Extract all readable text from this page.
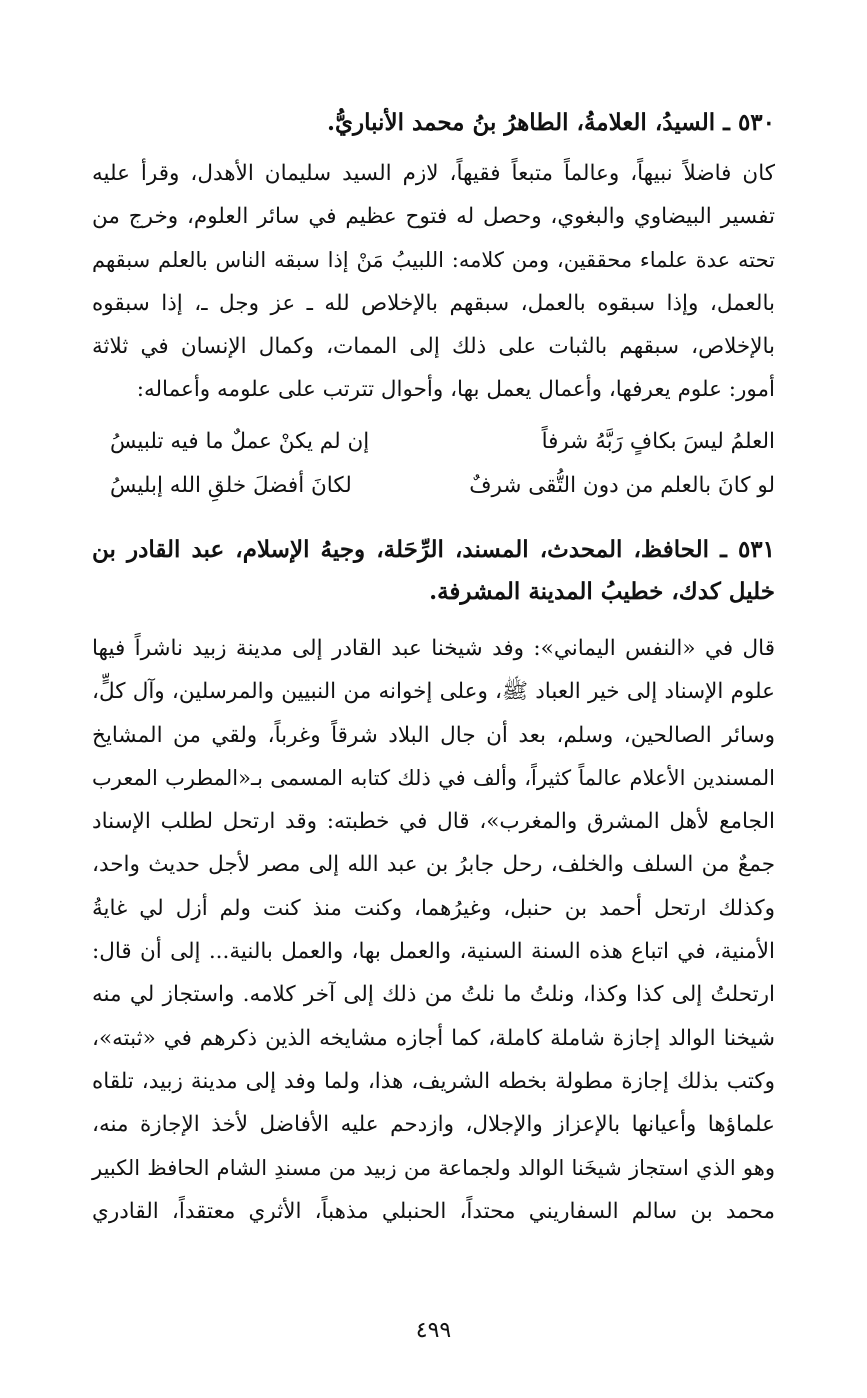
٥٣٠ ـ السيدُ، العلامةُ، الطاهرُ بنُ محمد الأنباريُّ.
كان فاضلاً نبيهاً، وعالماً متبعاً فقيهاً، لازم السيد سليمان الأهدل، وقرأ عليه
تفسير البيضاوي والبغوي، وحصل له فتوح عظيم في سائر العلوم، وخرج من
تحته عدة علماء محققين، ومن كلامه: اللبيبُ مَنْ إذا سبقه الناس بالعلم سبقهم
بالعمل، وإذا سبقوه بالعمل، سبقهم بالإخلاص لله ـ عز وجل ـ، إذا سبقوه
بالإخلاص، سبقهم بالثبات على ذلك إلى الممات، وكمال الإنسان في ثلاثة
أمور: علوم يعرفها، وأعمال يعمل بها، وأحوال تترتب على علومه وأعماله:
العلمُ ليسَ بكافٍ رَبَّهُ شرفاً
إن لم يكنْ عملٌ ما فيه تلبيسُ
لو كانَ بالعلم من دون التُّقى شرفٌ
لكانَ أفضلَ خلقِ الله إبليسُ
٥٣١ ـ الحافظ، المحدث، المسند، الرِّحَلة، وجيهُ الإسلام، عبد القادر بن
خليل كدك، خطيبُ المدينة المشرفة.
قال في «النفس اليماني»: وفد شيخنا عبد القادر إلى مدينة زبيد ناشراً فيها
علوم الإسناد إلى خير العباد ﷺ، وعلى إخوانه من النبيين والمرسلين، وآل كلٍّ،
وسائر الصالحين، وسلم، بعد أن جال البلاد شرقاً وغرباً، ولقي من المشايخ
المسندين الأعلام عالماً كثيراً، وألف في ذلك كتابه المسمى بـ«المطرب المعرب
الجامع لأهل المشرق والمغرب»، قال في خطبته: وقد ارتحل لطلب الإسناد
جمعٌ من السلف والخلف، رحل جابرُ بن عبد الله إلى مصر لأجل حديث واحد،
وكذلك ارتحل أحمد بن حنبل، وغيرُهما، وكنت منذ كنت ولم أزل لي غايةُ
الأمنية، في اتباع هذه السنة السنية، والعمل بها، والعمل بالنية... إلى أن قال:
ارتحلتُ إلى كذا وكذا، ونلتُ ما نلتُ من ذلك إلى آخر كلامه. واستجاز لي منه
شيخنا الوالد إجازة شاملة كاملة، كما أجازه مشايخه الذين ذكرهم في «ثبته»،
وكتب بذلك إجازة مطولة بخطه الشريف، هذا، ولما وفد إلى مدينة زبيد، تلقاه
علماؤها وأعيانها بالإعزاز والإجلال، وازدحم عليه الأفاضل لأخذ الإجازة منه،
وهو الذي استجاز شيخَنا الوالد ولجماعة من زبيد من مسندِ الشام الحافظ الكبير
محمد بن سالم السفاريني محتداً، الحنبلي مذهباً، الأثري معتقداً، القادري
٤٩٩
